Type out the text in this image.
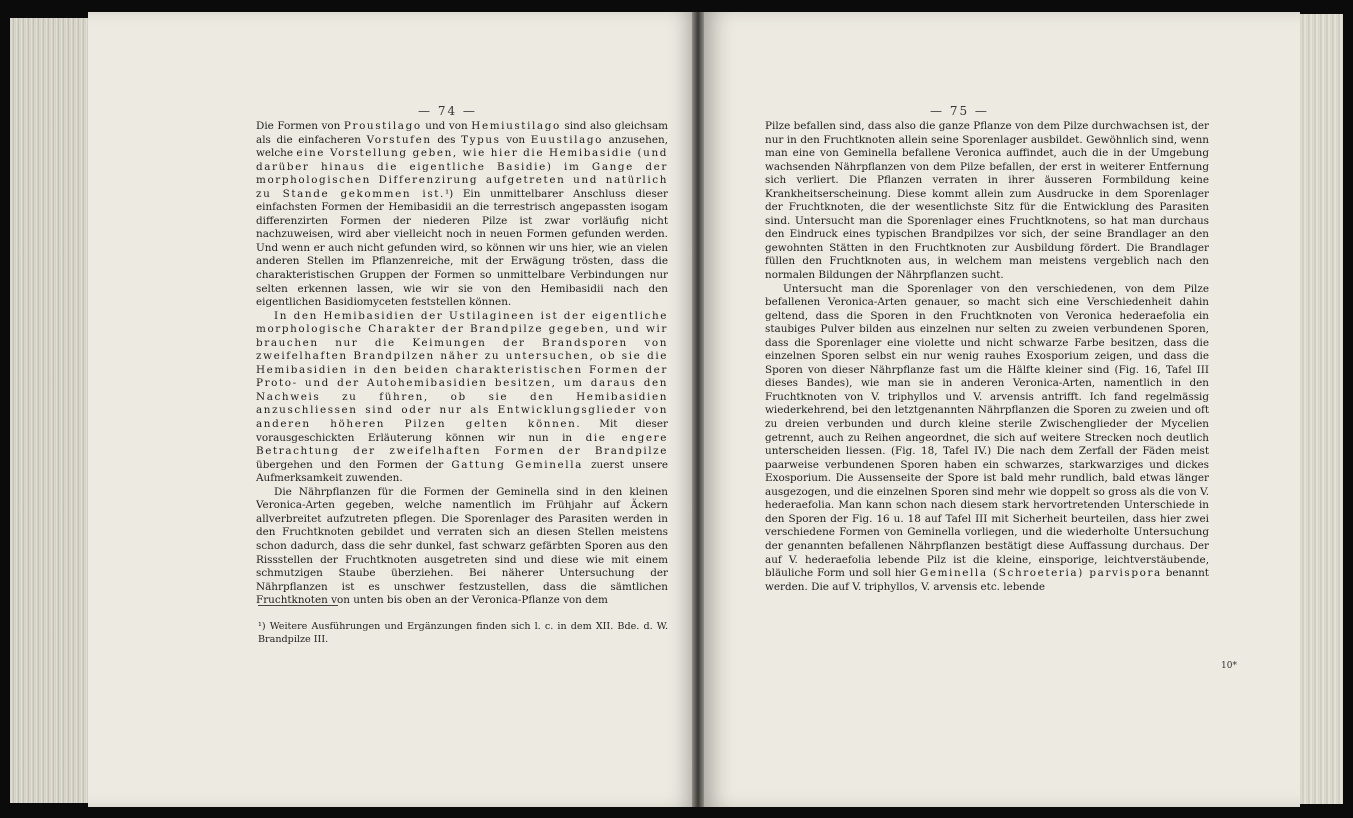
— 74 —	— 75 —

Die Formen von Proustilago und von Hemiustilago sind also gleichsam als die einfacheren Vorstufen des Typus von Euustilago anzusehen, welche eine Vorstellung geben, wie hier die Hemibasidie (und darüber hinaus die eigentliche Basidie) im Gange der morphologischen Differenzirung aufgetreten und natürlich zu Stande gekommen ist.¹) Ein unmittelbarer Anschluss dieser einfachsten Formen der Hemibasidii an die terrestrisch angepassten isogam differenzirten Formen der niederen Pilze ist zwar vorläufig nicht nachzuweisen, wird aber vielleicht noch in neuen Formen gefunden werden. Und wenn er auch nicht gefunden wird, so können wir uns hier, wie an vielen anderen Stellen im Pflanzenreiche, mit der Erwägung trösten, dass die charakteristischen Gruppen der Formen so unmittelbare Verbindungen nur selten erkennen lassen, wie wir sie von den Hemibasidii nach den eigentlichen Basidiomyceten feststellen können.

In den Hemibasidien der Ustilagineen ist der eigentliche morphologische Charakter der Brandpilze gegeben, und wir brauchen nur die Keimungen der Brandsporen von zweifelhaften Brandpilzen näher zu untersuchen, ob sie die Hemibasidien in den beiden charakteristischen Formen der Proto- und der Autohemibasidien besitzen, um daraus den Nachweis zu führen, ob sie den Hemibasidien anzuschliessen sind oder nur als Entwicklungsglieder von anderen höheren Pilzen gelten können. Mit dieser vorausgeschickten Erläuterung können wir nun in die engere Betrachtung der zweifelhaften Formen der Brandpilze übergehen und den Formen der Gattung Geminella zuerst unsere Aufmerksamkeit zuwenden.

Die Nährpflanzen für die Formen der Geminella sind in den kleinen Veronica-Arten gegeben, welche namentlich im Frühjahr auf Äckern allverbreitet aufzutreten pflegen. Die Sporenlager des Parasiten werden in den Fruchtknoten gebildet und verraten sich an diesen Stellen meistens schon dadurch, dass die sehr dunkel, fast schwarz gefärbten Sporen aus den Rissstellen der Fruchtknoten ausgetreten sind und diese wie mit einem schmutzigen Staube überziehen. Bei näherer Untersuchung der Nährpflanzen ist es unschwer festzustellen, dass die sämtlichen Fruchtknoten von unten bis oben an der Veronica-Pflanze von dem

¹) Weitere Ausführungen und Ergänzungen finden sich l. c. in dem XII. Bde. d. W. Brandpilze III.

Pilze befallen sind, dass also die ganze Pflanze von dem Pilze durchwachsen ist, der nur in den Fruchtknoten allein seine Sporenlager ausbildet. Gewöhnlich sind, wenn man eine von Geminella befallene Veronica auffindet, auch die in der Umgebung wachsenden Nährpflanzen von dem Pilze befallen, der erst in weiterer Entfernung sich verliert. Die Pflanzen verraten in ihrer äusseren Formbildung keine Krankheitserscheinung. Diese kommt allein zum Ausdrucke in dem Sporenlager der Fruchtknoten, die der wesentlichste Sitz für die Entwicklung des Parasiten sind. Untersucht man die Sporenlager eines Fruchtknotens, so hat man durchaus den Eindruck eines typischen Brandpilzes vor sich, der seine Brandlager an den gewohnten Stätten in den Fruchtknoten zur Ausbildung fördert. Die Brandlager füllen den Fruchtknoten aus, in welchem man meistens vergeblich nach den normalen Bildungen der Nährpflanzen sucht.

Untersucht man die Sporenlager von den verschiedenen, von dem Pilze befallenen Veronica-Arten genauer, so macht sich eine Verschiedenheit dahin geltend, dass die Sporen in den Fruchtknoten von Veronica hederaefolia ein staubiges Pulver bilden aus einzelnen nur selten zu zweien verbundenen Sporen, dass die Sporenlager eine violette und nicht schwarze Farbe besitzen, dass die einzelnen Sporen selbst ein nur wenig rauhes Exosporium zeigen, und dass die Sporen von dieser Nährpflanze fast um die Hälfte kleiner sind (Fig. 16, Tafel III dieses Bandes), wie man sie in anderen Veronica-Arten, namentlich in den Fruchtknoten von V. triphyllos und V. arvensis antrifft. Ich fand regelmässig wiederkehrend, bei den letztgenannten Nährpflanzen die Sporen zu zweien und oft zu dreien verbunden und durch kleine sterile Zwischenglieder der Mycelien getrennt, auch zu Reihen angeordnet, die sich auf weitere Strecken noch deutlich unterscheiden liessen. (Fig. 18, Tafel IV.) Die nach dem Zerfall der Fäden meist paarweise verbundenen Sporen haben ein schwarzes, starkwarziges und dickes Exosporium. Die Aussenseite der Spore ist bald mehr rundlich, bald etwas länger ausgezogen, und die einzelnen Sporen sind mehr wie doppelt so gross als die von V. hederaefolia. Man kann schon nach diesem stark hervortretenden Unterschiede in den Sporen der Fig. 16 u. 18 auf Tafel III mit Sicherheit beurteilen, dass hier zwei verschiedene Formen von Geminella vorliegen, und die wiederholte Untersuchung der genannten befallenen Nährpflanzen bestätigt diese Auffassung durchaus. Der auf V. hederaefolia lebende Pilz ist die kleine, einsporige, leichtverstäubende, bläuliche Form und soll hier Geminella (Schroeteria) parvispora benannt werden. Die auf V. triphyllos, V. arvensis etc. lebende

10*
